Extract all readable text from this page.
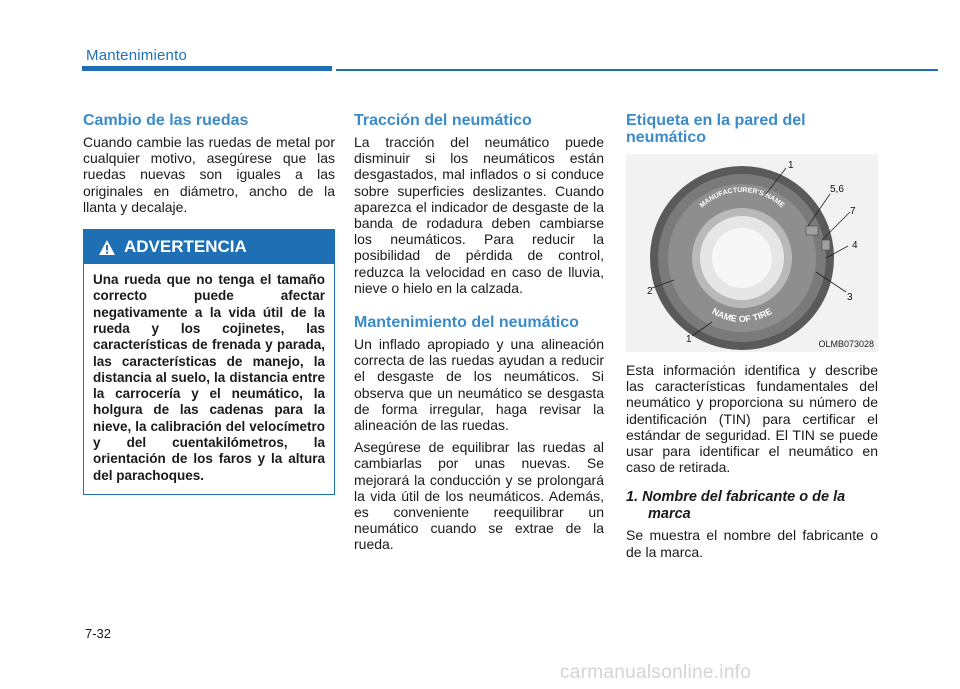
Mantenimiento
Cambio de las ruedas

Cuando cambie las ruedas de metal por cualquier motivo, asegúrese que las ruedas nuevas son iguales a las originales en diámetro, ancho de la llanta y decalaje.

ADVERTENCIA
Una rueda que no tenga el tamaño correcto puede afectar negativamente a la vida útil de la rueda y los cojinetes, las características de frenada y parada, las características de manejo, la distancia al suelo, la distancia entre la carrocería y el neumático, la holgura de las cadenas para la nieve, la calibración del velocímetro y del cuentakilómetros, la orientación de los faros y la altura del parachoques.
Tracción del neumático

La tracción del neumático puede disminuir si los neumáticos están desgastados, mal inflados o si conduce sobre superficies deslizantes. Cuando aparezca el indicador de desgaste de la banda de rodadura deben cambiarse los neumáticos. Para reducir la posibilidad de pérdida de control, reduzca la velocidad en caso de lluvia, nieve o hielo en la calzada.

Mantenimiento del neumático

Un inflado apropiado y una alineación correcta de las ruedas ayudan a reducir el desgaste de los neumáticos. Si observa que un neumático se desgasta de forma irregular, haga revisar la alineación de las ruedas.

Asegúrese de equilibrar las ruedas al cambiarlas por unas nuevas. Se mejorará la conducción y se prolongará la vida útil de los neumáticos. Además, es conveniente reequilibrar un neumático cuando se extrae de la rueda.

Etiqueta en la pared del neumático
MANUFACTURER'S NAME
NAME OF TIRE
1
5,6
7
4
3
2
1	OLMB073028

Esta información identifica y describe las características fundamentales del neumático y proporciona su número de identificación (TIN) para certificar el estándar de seguridad. El TIN se puede usar para identificar el neumático en caso de retirada.

1. Nombre del fabricante o de la marca

Se muestra el nombre del fabricante o de la marca.

7-32
carmanualsonline.info
